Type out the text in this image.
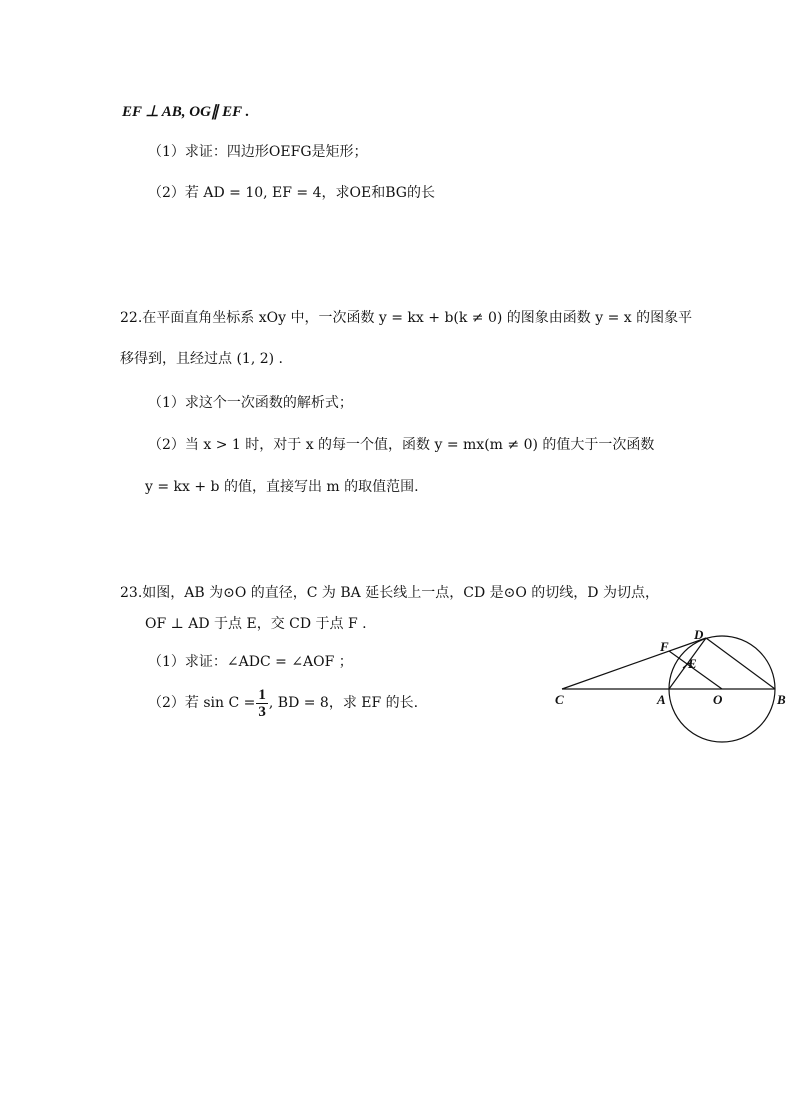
EF ⊥ AB, OG∥ EF .
（1）求证：四边形OEFG是矩形；
（2）若 AD = 10, EF = 4，求OE和BG的长
22.在平面直角坐标系 xOy 中，一次函数 y = kx + b(k ≠ 0) 的图象由函数 y = x 的图象平
移得到，且经过点 (1, 2) .
（1）求这个一次函数的解析式；
（2）当 x > 1 时，对于 x 的每一个值，函数 y = mx(m ≠ 0) 的值大于一次函数
y = kx + b 的值，直接写出 m 的取值范围.
23.如图，AB 为⊙O 的直径，C 为 BA 延长线上一点，CD 是⊙O 的切线，D 为切点，
OF ⊥ AD 于点 E，交 CD 于点 F .
（1）求证：∠ADC = ∠AOF ；
（2）若 $\sin C = \frac{1}{3}$ , BD = 8，求 EF 的长.	C	A	O	B
D
F
E
